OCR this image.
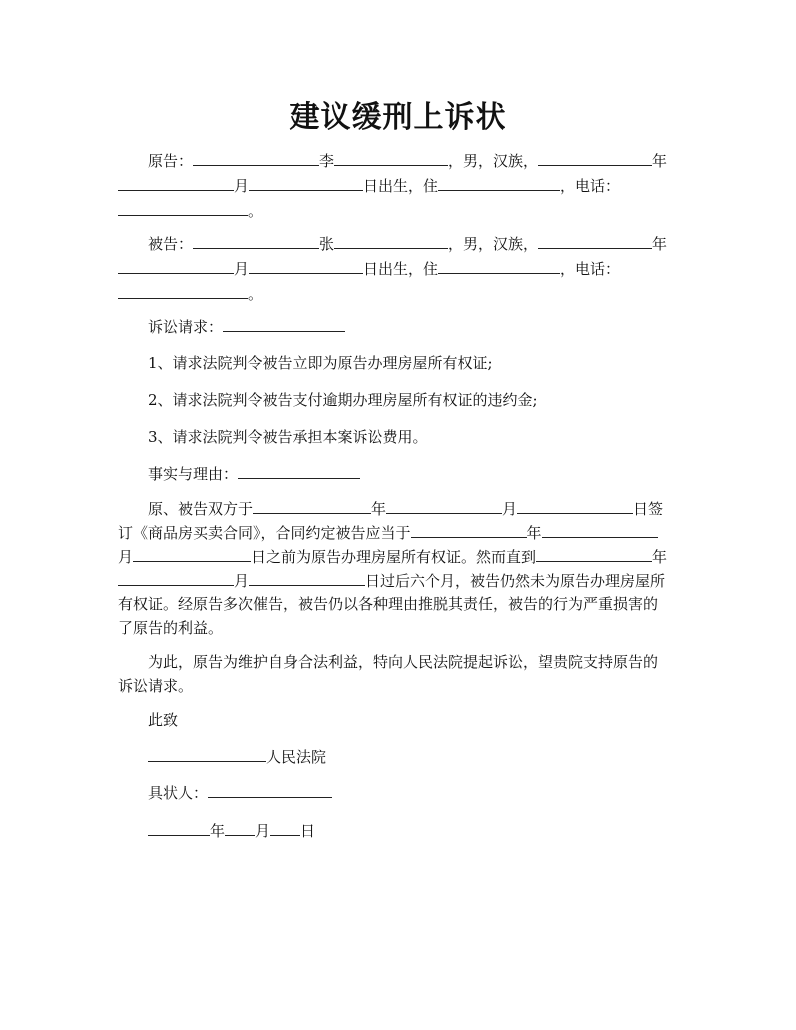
建议缓刑上诉状
原告：	李	，男，汉族，	年
月	日出生，住	，电话：
。
被告：	张	，男，汉族，	年
月	日出生，住	，电话：
。
诉讼请求：
1、请求法院判令被告立即为原告办理房屋所有权证;
2、请求法院判令被告支付逾期办理房屋所有权证的违约金;
3、请求法院判令被告承担本案诉讼费用。
事实与理由：
原、被告双方于	年	月	日签
订《商品房买卖合同》，合同约定被告应当于	年
月	日之前为原告办理房屋所有权证。然而直到	年
月	日过后六个月，被告仍然未为原告办理房屋所
有权证。经原告多次催告，被告仍以各种理由推脱其责任，被告的行为严重损害的
了原告的利益。
为此，原告为维护自身合法利益，特向人民法院提起诉讼，望贵院支持原告的
诉讼请求。
此致
人民法院
具状人：
年 月 日
